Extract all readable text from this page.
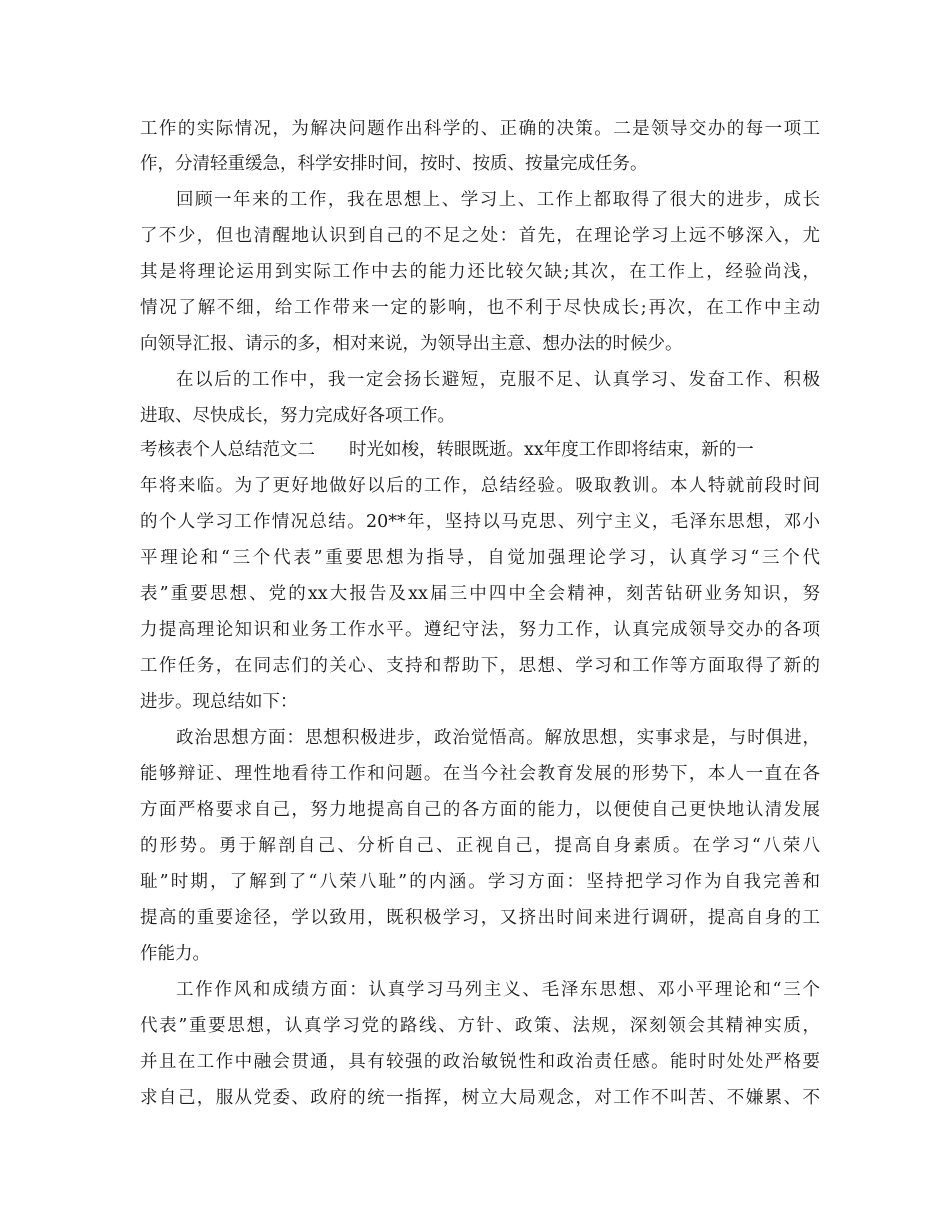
工作的实际情况，为解决问题作出科学的、正确的决策。二是领导交办的每一项工
作，分清轻重缓急，科学安排时间，按时、按质、按量完成任务。
回顾一年来的工作，我在思想上、学习上、工作上都取得了很大的进步，成长
了不少，但也清醒地认识到自己的不足之处：首先，在理论学习上远不够深入，尤
其是将理论运用到实际工作中去的能力还比较欠缺;其次，在工作上，经验尚浅，
情况了解不细，给工作带来一定的影响，也不利于尽快成长;再次，在工作中主动
向领导汇报、请示的多，相对来说，为领导出主意、想办法的时候少。
在以后的工作中，我一定会扬长避短，克服不足、认真学习、发奋工作、积极
进取、尽快成长，努力完成好各项工作。
考核表个人总结范文二 时光如梭，转眼既逝。xx年度工作即将结束，新的一
年将来临。为了更好地做好以后的工作，总结经验。吸取教训。本人特就前段时间
的个人学习工作情况总结。20**年，坚持以马克思、列宁主义，毛泽东思想，邓小
平理论和“三个代表”重要思想为指导，自觉加强理论学习，认真学习“三个代
表”重要思想、党的xx大报告及xx届三中四中全会精神，刻苦钻研业务知识，努
力提高理论知识和业务工作水平。遵纪守法，努力工作，认真完成领导交办的各项
工作任务，在同志们的关心、支持和帮助下，思想、学习和工作等方面取得了新的
进步。现总结如下：
政治思想方面：思想积极进步，政治觉悟高。解放思想，实事求是，与时俱进，
能够辩证、理性地看待工作和问题。在当今社会教育发展的形势下，本人一直在各
方面严格要求自己，努力地提高自己的各方面的能力，以便使自己更快地认清发展
的形势。勇于解剖自己、分析自己、正视自己，提高自身素质。在学习“八荣八
耻”时期，了解到了“八荣八耻”的内涵。学习方面：坚持把学习作为自我完善和
提高的重要途径，学以致用，既积极学习，又挤出时间来进行调研，提高自身的工
作能力。
工作作风和成绩方面：认真学习马列主义、毛泽东思想、邓小平理论和“三个
代表”重要思想，认真学习党的路线、方针、政策、法规，深刻领会其精神实质，
并且在工作中融会贯通，具有较强的政治敏锐性和政治责任感。能时时处处严格要
求自己，服从党委、政府的统一指挥，树立大局观念，对工作不叫苦、不嫌累、不
